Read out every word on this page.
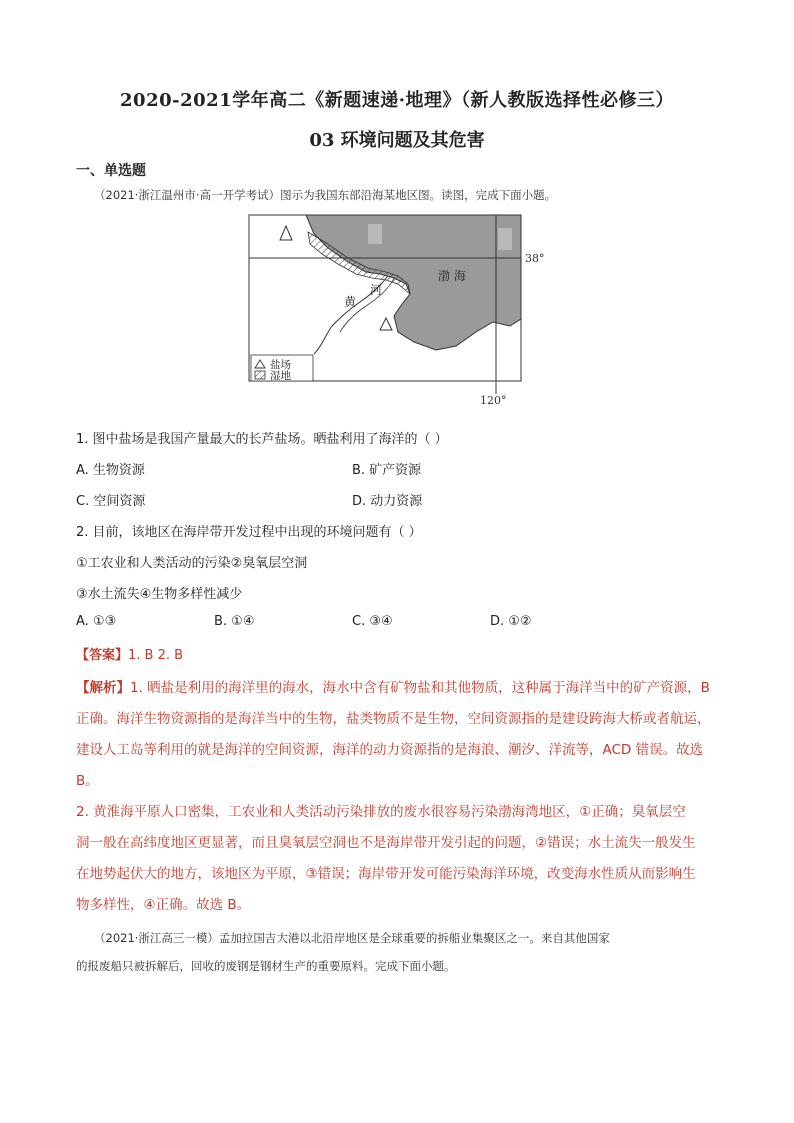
2020-2021学年高二《新题速递·地理》（新人教版选择性必修三）
03 环境问题及其危害
一、单选题
（2021·浙江温州市·高一开学考试）图示为我国东部沿海某地区图。读图，完成下面小题。
38°
120°
渤 海
河
黄
盐场
湿地
1. 图中盐场是我国产量最大的长芦盐场。晒盐利用了海洋的（ ）
A. 生物资源	B. 矿产资源
C. 空间资源	D. 动力资源
2. 目前，该地区在海岸带开发过程中出现的环境问题有（ ）
①工农业和人类活动的污染②臭氧层空洞
③水土流失④生物多样性减少
A. ①③	B. ①④	C. ③④	D. ①②
【答案】1. B 2. B
【解析】1. 晒盐是利用的海洋里的海水，海水中含有矿物盐和其他物质，这种属于海洋当中的矿产资源，B
正确。海洋生物资源指的是海洋当中的生物，盐类物质不是生物，空间资源指的是建设跨海大桥或者航运，
建设人工岛等利用的就是海洋的空间资源，海洋的动力资源指的是海浪、潮汐、洋流等，ACD 错误。故选
B。
2. 黄淮海平原人口密集，工农业和人类活动污染排放的废水很容易污染渤海湾地区，①正确；臭氧层空
洞一般在高纬度地区更显著，而且臭氧层空洞也不是海岸带开发引起的问题，②错误；水土流失一般发生
在地势起伏大的地方，该地区为平原，③错误；海岸带开发可能污染海洋环境，改变海水性质从而影响生
物多样性，④正确。故选 B。
（2021·浙江高三一模）孟加拉国吉大港以北沿岸地区是全球重要的拆船业集聚区之一。来自其他国家
的报废船只被拆解后，回收的废钢是钢材生产的重要原料。完成下面小题。
